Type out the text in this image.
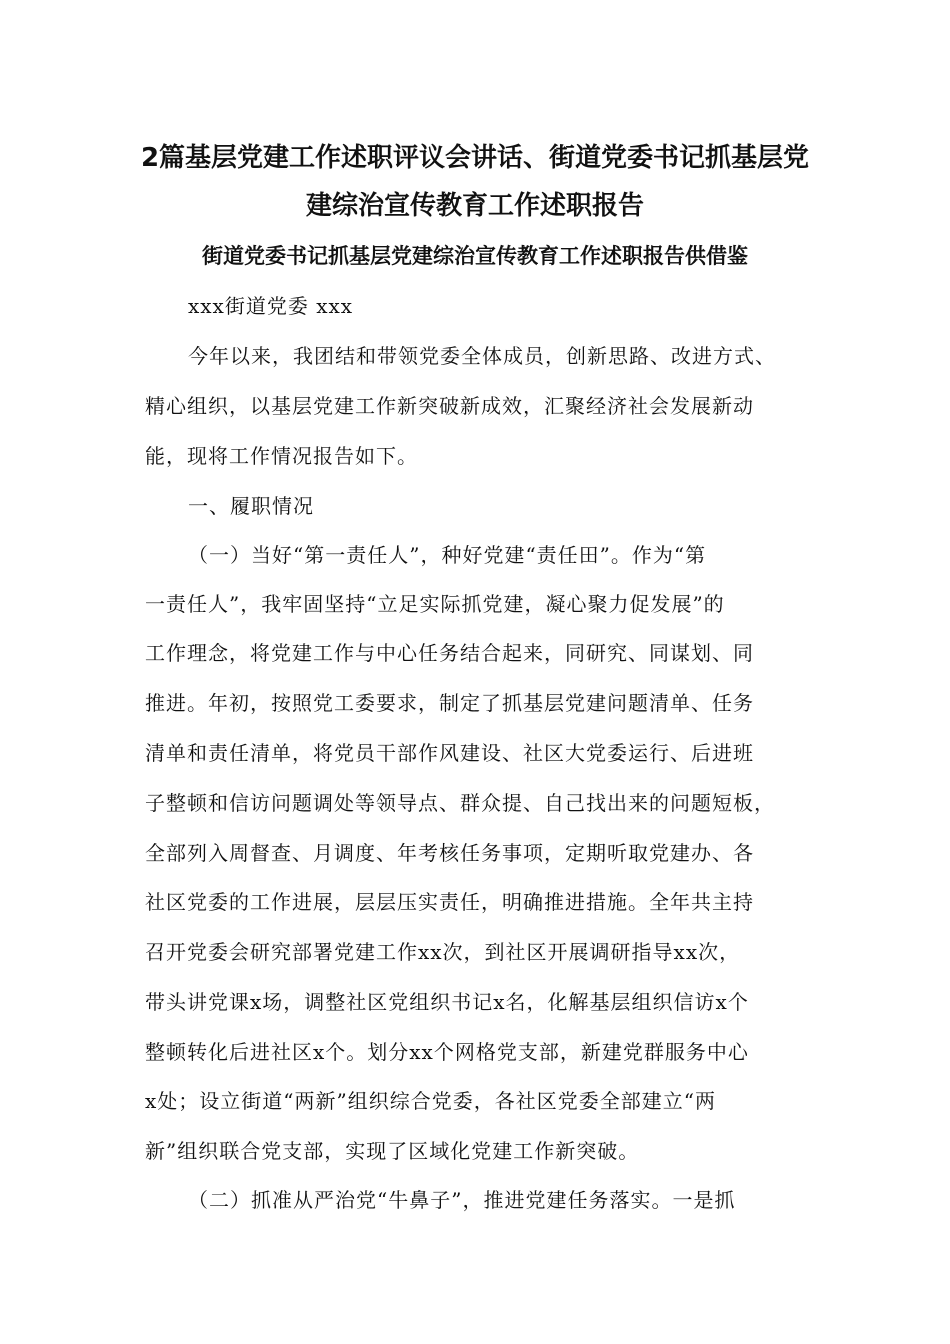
2篇基层党建工作述职评议会讲话、街道党委书记抓基层党
建综治宣传教育工作述职报告
街道党委书记抓基层党建综治宣传教育工作述职报告供借鉴
xxx街道党委 xxx
今年以来，我团结和带领党委全体成员，创新思路、改进方式、
精心组织，以基层党建工作新突破新成效，汇聚经济社会发展新动
能，现将工作情况报告如下。
一、履职情况
（一）当好“第一责任人”，种好党建“责任田”。作为“第
一责任人”，我牢固坚持“立足实际抓党建，凝心聚力促发展”的
工作理念，将党建工作与中心任务结合起来，同研究、同谋划、同
推进。年初，按照党工委要求，制定了抓基层党建问题清单、任务
清单和责任清单，将党员干部作风建设、社区大党委运行、后进班
子整顿和信访问题调处等领导点、群众提、自己找出来的问题短板，
全部列入周督查、月调度、年考核任务事项，定期听取党建办、各
社区党委的工作进展，层层压实责任，明确推进措施。全年共主持
召开党委会研究部署党建工作xx次，到社区开展调研指导xx次，
带头讲党课x场，调整社区党组织书记x名，化解基层组织信访x个
整顿转化后进社区x个。划分xx个网格党支部，新建党群服务中心
x处；设立街道“两新”组织综合党委，各社区党委全部建立“两
新”组织联合党支部，实现了区域化党建工作新突破。
（二）抓准从严治党“牛鼻子”，推进党建任务落实。一是抓
